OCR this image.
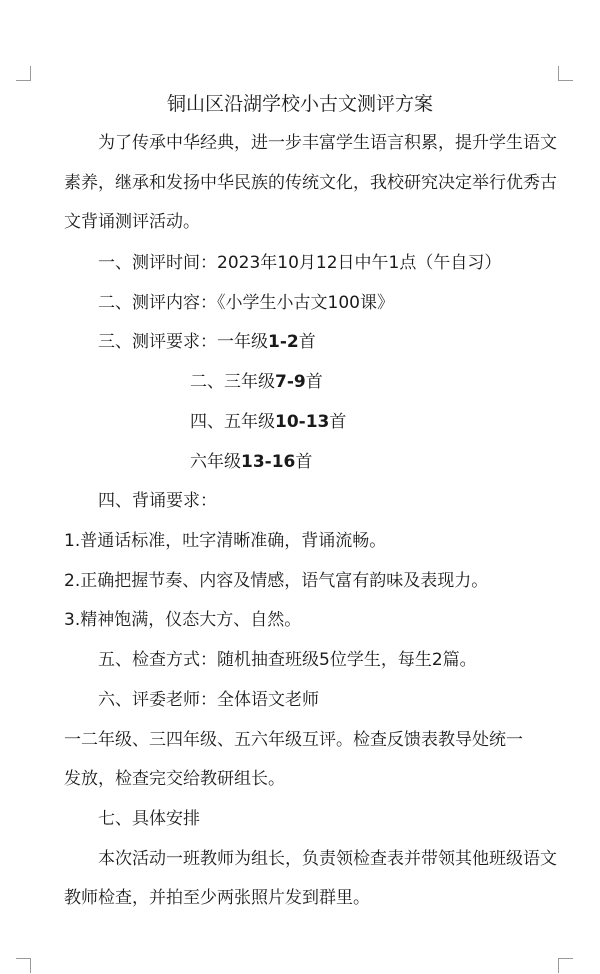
铜山区沿湖学校小古文测评方案
为了传承中华经典，进一步丰富学生语言积累，提升学生语文
素养，继承和发扬中华民族的传统文化，我校研究决定举行优秀古
文背诵测评活动。
一、测评时间：2023年10月12日中午1点（午自习）
二、测评内容：《小学生小古文100课》
三、测评要求：一年级1-2首
二、三年级7-9首
四、五年级10-13首
六年级13-16首
四、背诵要求：
1.普通话标准，吐字清晰准确，背诵流畅。
2.正确把握节奏、内容及情感，语气富有韵味及表现力。
3.精神饱满，仪态大方、自然。
五、检查方式：随机抽查班级5位学生，每生2篇。
六、评委老师：全体语文老师
一二年级、三四年级、五六年级互评。检查反馈表教导处统一
发放，检查完交给教研组长。
七、具体安排
本次活动一班教师为组长，负责领检查表并带领其他班级语文
教师检查，并拍至少两张照片发到群里。
